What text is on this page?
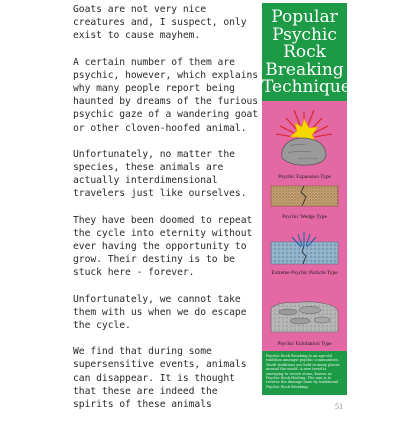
Goats are not very nice creatures and, I suspect, only exist to cause mayhem.

A certain number of them are psychic, however, which explains why many people report being haunted by dreams of the furious psychic gaze of a wandering goat or other cloven-hoofed animal.

Unfortunately, no matter the species, these animals are actually interdimensional travelers just like ourselves.

They have been doomed to repeat the cycle into eternity without ever having the opportunity to grow. Their destiny is to be stuck here - forever.

Unfortunately, we cannot take them with us when we do escape the cycle.

We find that during some supersensitive events, animals can disappear. It is thought that these are indeed the spirits of these animals

Popular
Psychic
Rock
Breaking
Techniques
Psychic Expansion Type
Psychic Wedge Type
Extreme Psychic Particle Type
Psychic Exfoliation Type
Psychic Rock Breaking is an age-old tradition amongst psychic communities. Youth traditions are held in many places around the world. A new trend is emerging to revere stone, known as Psychic Rock Healing. The aim is to reverse the damage done by traditional Psychic Rock Breaking.
51
